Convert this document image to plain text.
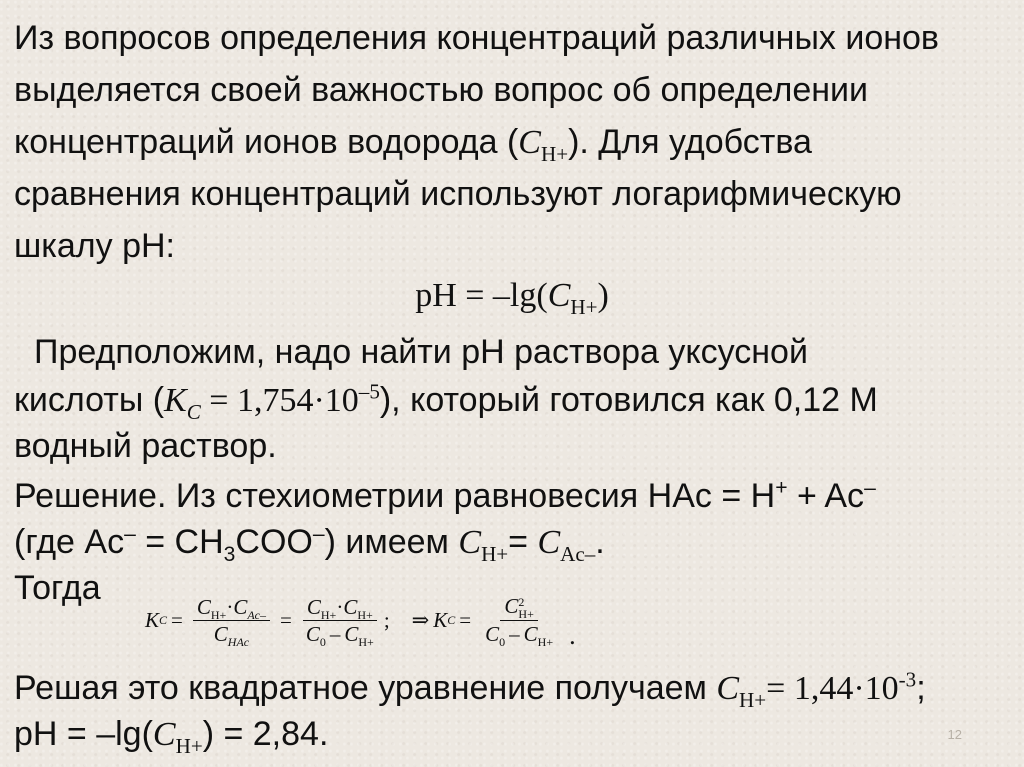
Из вопросов определения концентраций различных ионов
выделяется своей важностью вопрос об определении
концентраций ионов водорода $(C_{H+})$. Для удобства
сравнения концентраций используют логарифмическую
шкалу pH:
pH = $-\lg(C_{H+})$
Предположим, надо найти pH раствора уксусной
кислоты $(K_C = 1,754\cdot 10^{-5})$, который готовился как 0,12 М
водный раствор.
Решение. Из стехиометрии равновесия HAc = H+ + Ac–
(где $Ac^- = CH_3COO^-$) имеем $C_{H+}= C_{Ac-}$.
Тогда
K $C = \frac{C_{H+}\cdot C_{Ac-}}{C_{HAc}} = \frac{C_{H+}\cdot C_{H+}}{C_0 - C_{H+}}$ ; ⇒ K C = C 2
H+
$C_0 - C_{H+}$ .
Решая это квадратное уравнение получаем $C_{H+}= 1,44\cdot 10^{-3}$;
pH = $-\lg(C_{H+}) = 2,84$.	12
